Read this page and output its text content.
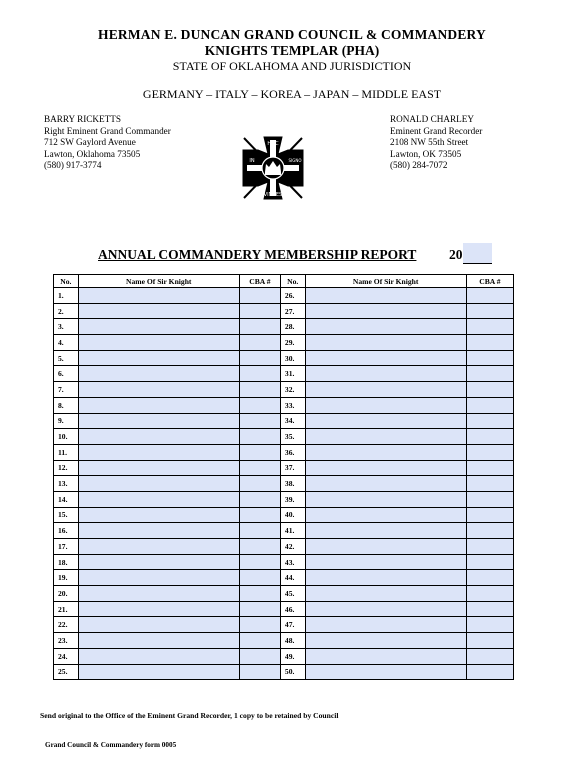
HERMAN E. DUNCAN GRAND COUNCIL & COMMANDERY
KNIGHTS TEMPLAR (PHA)
STATE OF OKLAHOMA AND JURISDICTION
GERMANY – ITALY – KOREA – JAPAN – MIDDLE EAST
BARRY RICKETTS
Right Eminent Grand Commander
712 SW Gaylord Avenue
Lawton, Oklahoma 73505
(580) 917-3774
RONALD CHARLEY
Eminent Grand Recorder
2108 NW 55th Street
Lawton, OK 73505
(580) 284-7072
HOC
IN	SIGNO
VINCES
ANNUAL COMMANDERY MEMBERSHIP REPORT 20
No.	Name Of Sir Knight	CBA #	No.	Name Of Sir Knight	CBA #
1.			26.		
2.			27.		
3.			28.		
4.			29.		
5.			30.		
6.			31.		
7.			32.		
8.			33.		
9.			34.		
10.			35.		
11.			36.		
12.			37.		
13.			38.		
14.			39.		
15.			40.		
16.			41.		
17.			42.		
18.			43.		
19.			44.		
20.			45.		
21.			46.		
22.			47.		
23.			48.		
24.			49.		
25.			50.		
Send original to the Office of the Eminent Grand Recorder, 1 copy to be retained by Council
Grand Council & Commandery form 0005
